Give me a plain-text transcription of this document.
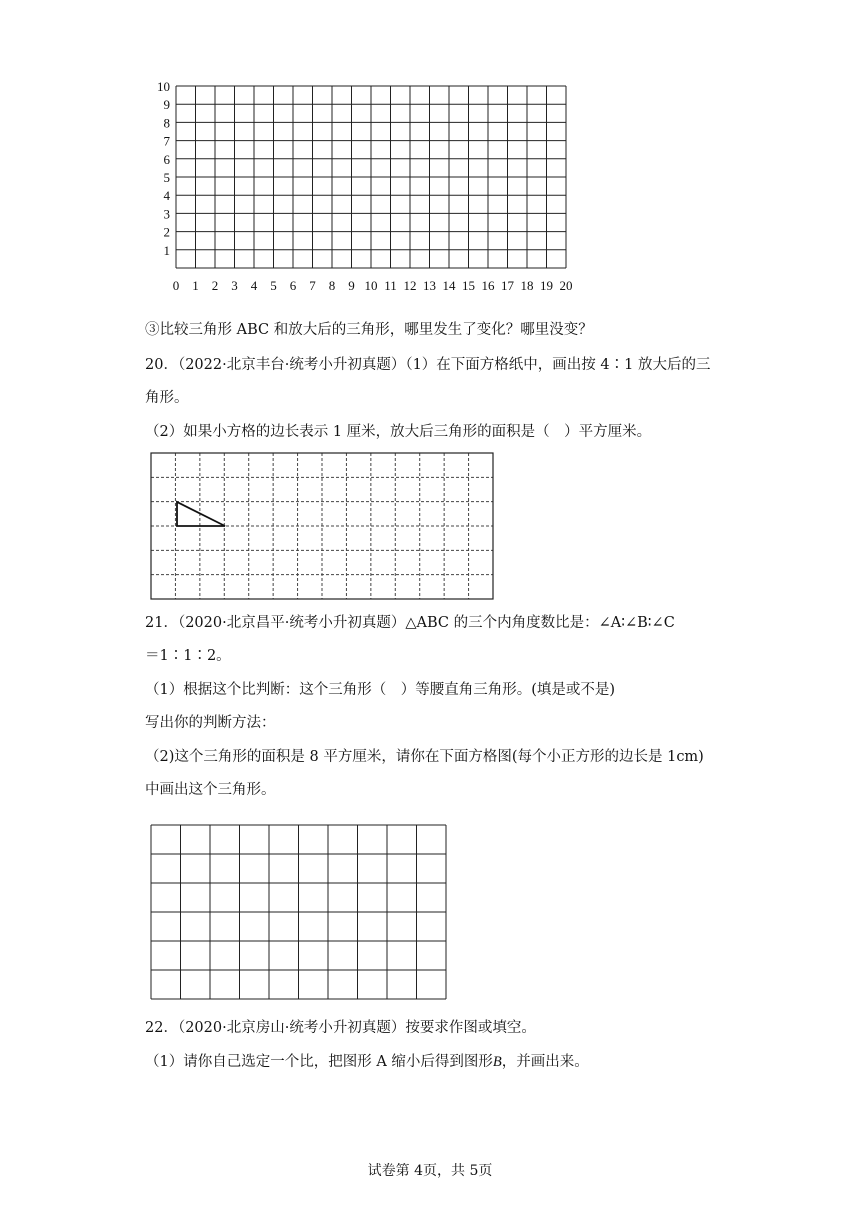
10
9
8
7
6
5
4
3
2
1
0 1 2 3 4 5 6 7 8 9 10 11 12 13 14 15 16 17 18 19 20
③比较三角形 ABC 和放大后的三角形，哪里发生了变化？哪里没变？
20．（2022·北京丰台·统考小升初真题）（1）在下面方格纸中，画出按 4∶1 放大后的三
角形。
（2）如果小方格的边长表示 1 厘米，放大后三角形的面积是（　）平方厘米。
21．（2020·北京昌平·统考小升初真题）△ABC 的三个内角度数比是：∠A∶∠B∶∠C
＝1∶1∶2。
（1）根据这个比判断：这个三角形（　）等腰直角三角形。(填是或不是)
写出你的判断方法：
（2)这个三角形的面积是 8 平方厘米，请你在下面方格图(每个小正方形的边长是 1cm)
中画出这个三角形。
22．（2020·北京房山·统考小升初真题）按要求作图或填空。
（1）请你自己选定一个比，把图形 A 缩小后得到图形B，并画出来。
试卷第 4页，共 5页
